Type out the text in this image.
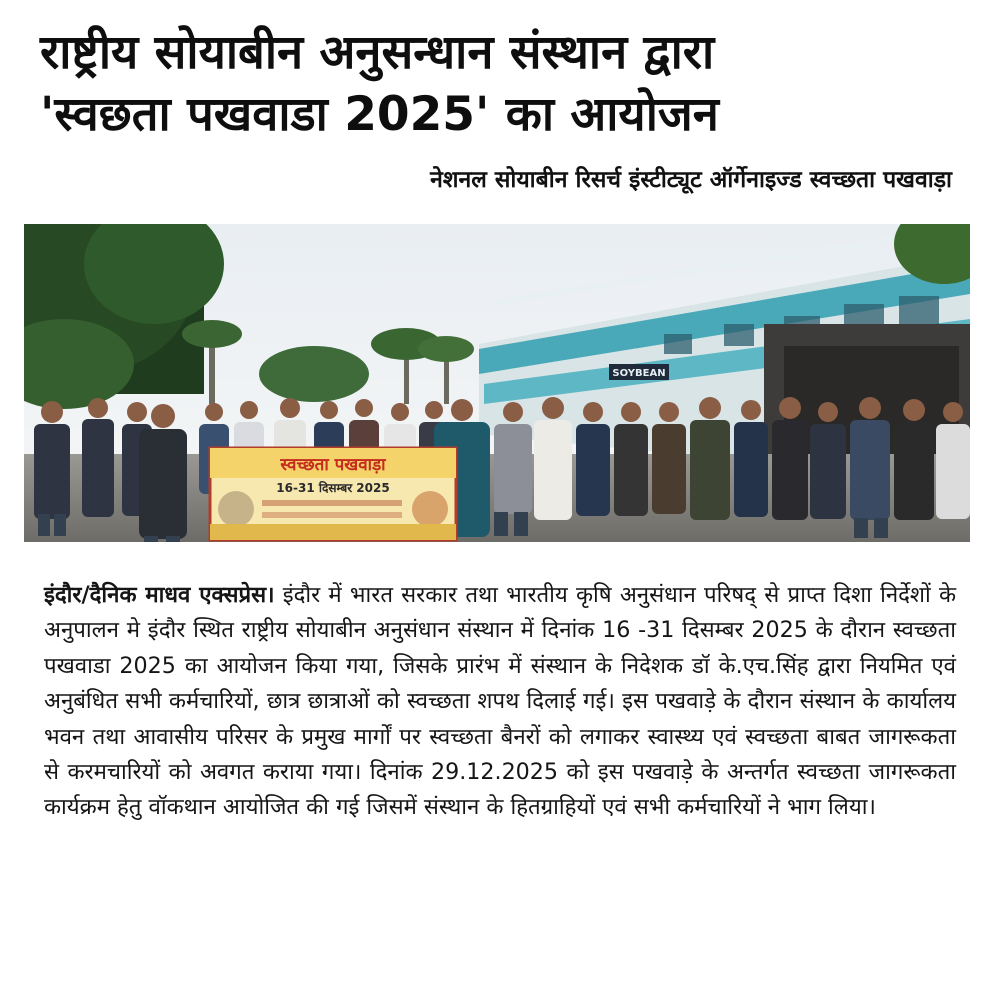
राष्ट्रीय सोयाबीन अनुसन्धान संस्थान द्वारा
'स्वछता पखवाडा 2025' का आयोजन
नेशनल सोयाबीन रिसर्च इंस्टीट्यूट ऑर्गेनाइज्ड स्वच्छता पखवाड़ा
SOYBEAN
स्वच्छता पखवाड़ा
16-31 दिसम्बर 2025

इंदौर/दैनिक माधव एक्सप्रेस। इंदौर में भारत सरकार तथा भारतीय कृषि अनुसंधान परिषद् से प्राप्त दिशा निर्देशों के अनुपालन मे इंदौर स्थित राष्ट्रीय सोयाबीन अनुसंधान संस्थान में दिनांक 16 -31 दिसम्बर 2025 के दौरान स्वच्छता पखवाडा 2025 का आयोजन किया गया, जिसके प्रारंभ में संस्थान के निदेशक डॉ के.एच.सिंह द्वारा नियमित एवं अनुबंधित सभी कर्मचारियों, छात्र छात्राओं को स्वच्छता शपथ दिलाई गई। इस पखवाड़े के दौरान संस्थान के कार्यालय भवन तथा आवासीय परिसर के प्रमुख मार्गों पर स्वच्छता बैनरों को लगाकर स्वास्थ्य एवं स्वच्छता बाबत जागरूकता से करमचारियों को अवगत कराया गया। दिनांक 29.12.2025 को इस पखवाड़े के अन्तर्गत स्वच्छता जागरूकता कार्यक्रम हेतु वॉकथान आयोजित की गई जिसमें संस्थान के हितग्राहियों एवं सभी कर्मचारियों ने भाग लिया।
